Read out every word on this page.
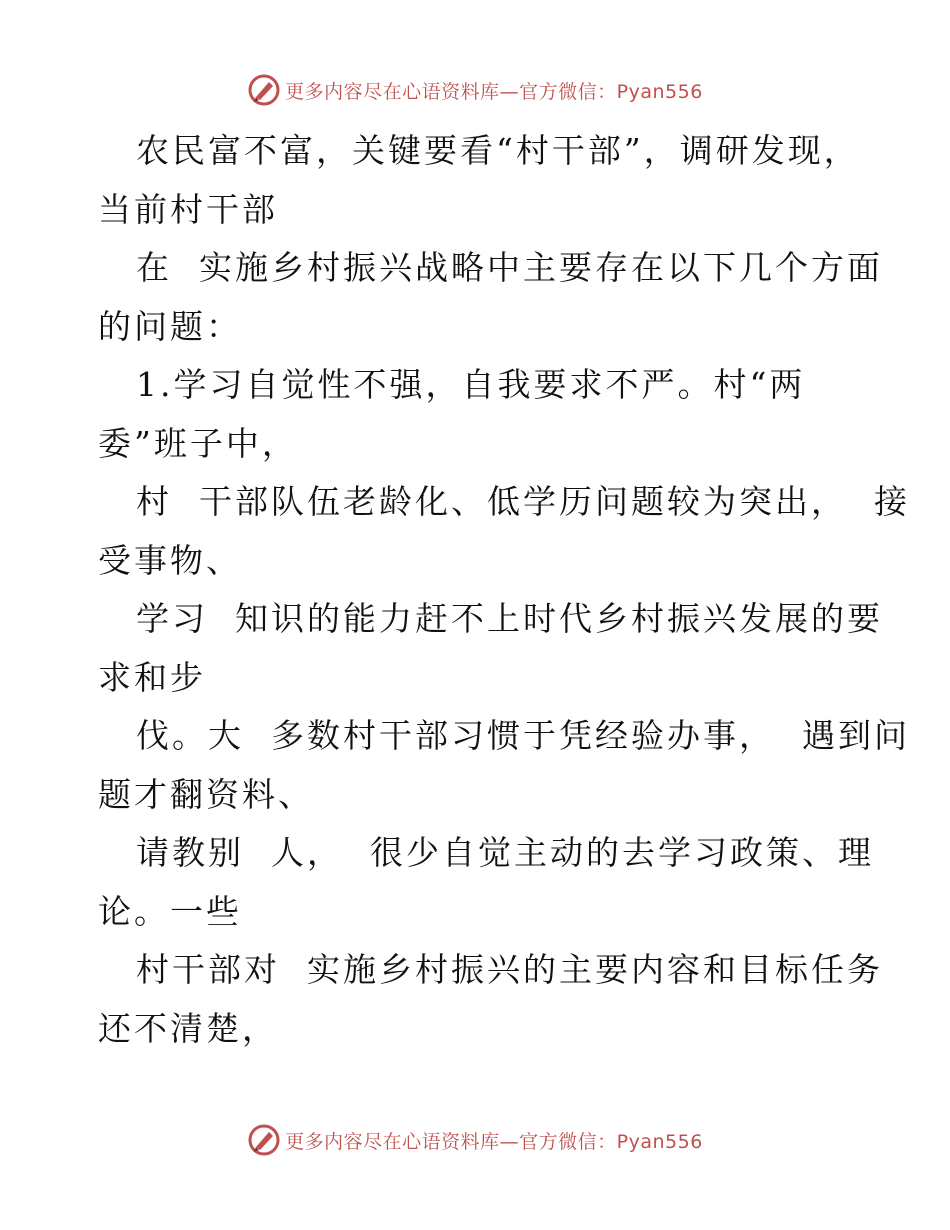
更多内容尽在心语资料库—官方微信：Pyan556
农民富不富，关键要看“村干部”，调研发现，
当前村干部
在  实施乡村振兴战略中主要存在以下几个方面
的问题：
1.学习自觉性不强，自我要求不严。村“两
委”班子中，
村  干部队伍老龄化、低学历问题较为突出，  接
受事物、
学习  知识的能力赶不上时代乡村振兴发展的要
求和步
伐。大  多数村干部习惯于凭经验办事，  遇到问
题才翻资料、
请教别  人，  很少自觉主动的去学习政策、理
论。一些
村干部对  实施乡村振兴的主要内容和目标任务
还不清楚，
更多内容尽在心语资料库—官方微信：Pyan556
